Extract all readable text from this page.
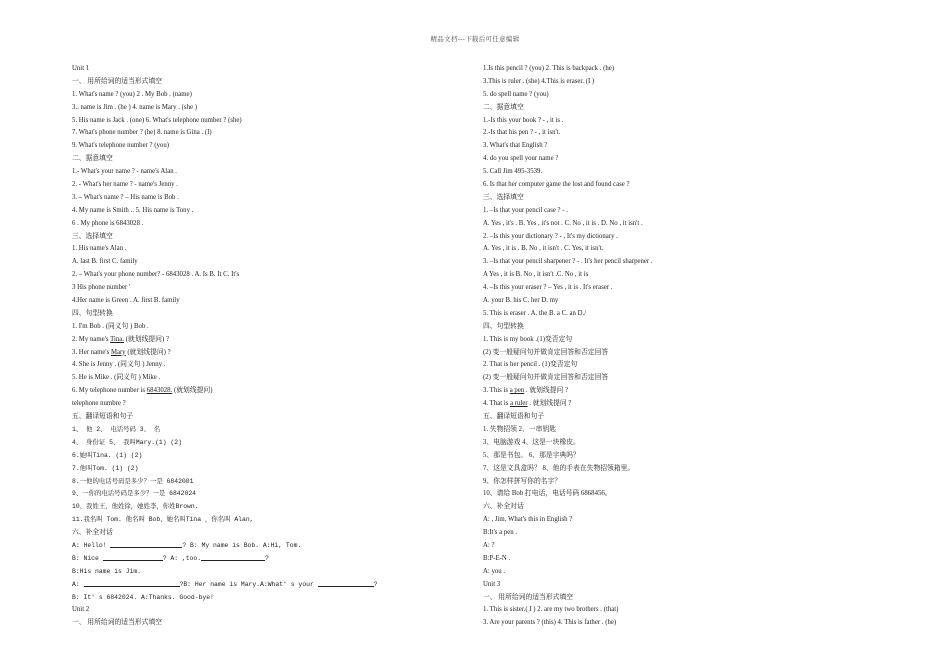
精品文档---下载后可任意编辑
Unit 1
一、 用所给词的适当形式填空
1. What's name ? (you) 2 . My Bob . (name)
3.. name is Jim . (he ) 4. name is Mary . (she )
5. His name is Jack . (one) 6. What's telephone number ? (she)
7. What's phone number ? (he) 8. name is Gina . (I)
9. What's telephone number ? (you)
二、据意填空
1.- What's your name ? - name's Alan .
2. - What's her name ? - name's Jenny .
3. – What's name ? – His name is Bob .
4. My name is Smith .. 5. His name is Tony .
6 . My phone is 6843028 .
三、选择填空
1. His name's Alan .
A. last B. first C. family
2. – What's your phone number? - 6843028 . A. Is B. It C. It's
3 His phone number '
4.Her name is Green . A. first B. family
四、句型转换
1. I'm Bob . (同义句 ) Bob .
2. My name's Tina. (就划线提问) ?
3. Her name's Mary (就划线提问) ?
4. She is Jenny . (同义句 ) Jenny .
5. He is Mike . (同义句 ) Mike .
6. My telephone number is 6843028. (就划线提问)
telephone numbre ?
五、翻译短语和句子
1、 他 2、 电话号码 3、 名
4、 身份证 5、 我叫Mary.(1) (2)
6.她叫Tina. (1) (2)
7.他叫Tom. (1) (2)
8.一他的电话号码是多少？一是 6842001
9、一你的电话号码是多少？一是 6842024
10、我姓王，他姓徐，她姓李，你姓Brown.
11.我名叫 Tom. 他名叫 Bob、她名叫Tina ，你名叫 Alan,
六、补全对话
A: Hello!	? B: My name is Bob. A:Hi, Tom.
B: Nice	? A: ,too.	?
B:His name is Jim.
A:	?B: Her name is Mary.A:What' s your	?
B: It' s 6842024. A:Thanks. Good-bye!
Unit 2
一、 用所给词的适当形式填空
1.Is this pencil ? (you) 2. This is backpack . (he)
3.This is ruler . (she) 4.This is eraser. (I )
5. do spell name ? (you)
二、据意填空
1.-Is this your book ? - , it is .
2.-Is that his pen ? - , it isn't.
3. What's that English ?
4. do you spell your name ?
5. Call Jim 495-3539.
6. Is that her computer game the lost and found case ?
三、选择填空
1. –Is that your pencil case ? - .
A. Yes , it's . B. Yes , it's not . C. No , it is . D. No , it isn't .
2. –Is this your dictionary ? - , It's my dictionary .
A. Yes , it is . B. No , it isn't . C. Yes, it isn't.
3. –Is that your pencil sharpener ? - . It's her pencil sharpener .
A Yes , it is B. No , it isn't .C. No , it is
4. –Is this your eraser ? – Yes , it is . It's eraser .
A. your B. his C. her D. my
5. This is eraser . A. the B. a C. an D./
四、句型转换
1. This is my book .(1)变否定句
(2) 变一般疑问句并做肯定回答和否定回答
2. That is her pencil . (1)变否定句
(2) 变一般疑问句并做肯定回答和否定回答
3. This is a pen . 就划线提问 ?
4. That is a ruler . 就划线提问 ?
五、翻译短语和句子
1. 失物招领 2、一串钥匙
3、电脑游戏 4、这是一块橡皮。
5、那是书包。 6、那是字典吗？
7、这是文具盒吗？ 8、他的手表在失物招领箱里。
9、你怎样拼写你的名字？
10、请给 Bob 打电话，电话号码 6868456。
六、补全对话
A: , Jim. What's this in English ?
B:It's a pen .
A: ?
B:P-E-N .
A: you .
Unit 3
一、 用所给词的适当形式填空
1. This is sister.( I ) 2. are my two brothers . (that)
3. Are your parents ? (this) 4. This is father . (he)
